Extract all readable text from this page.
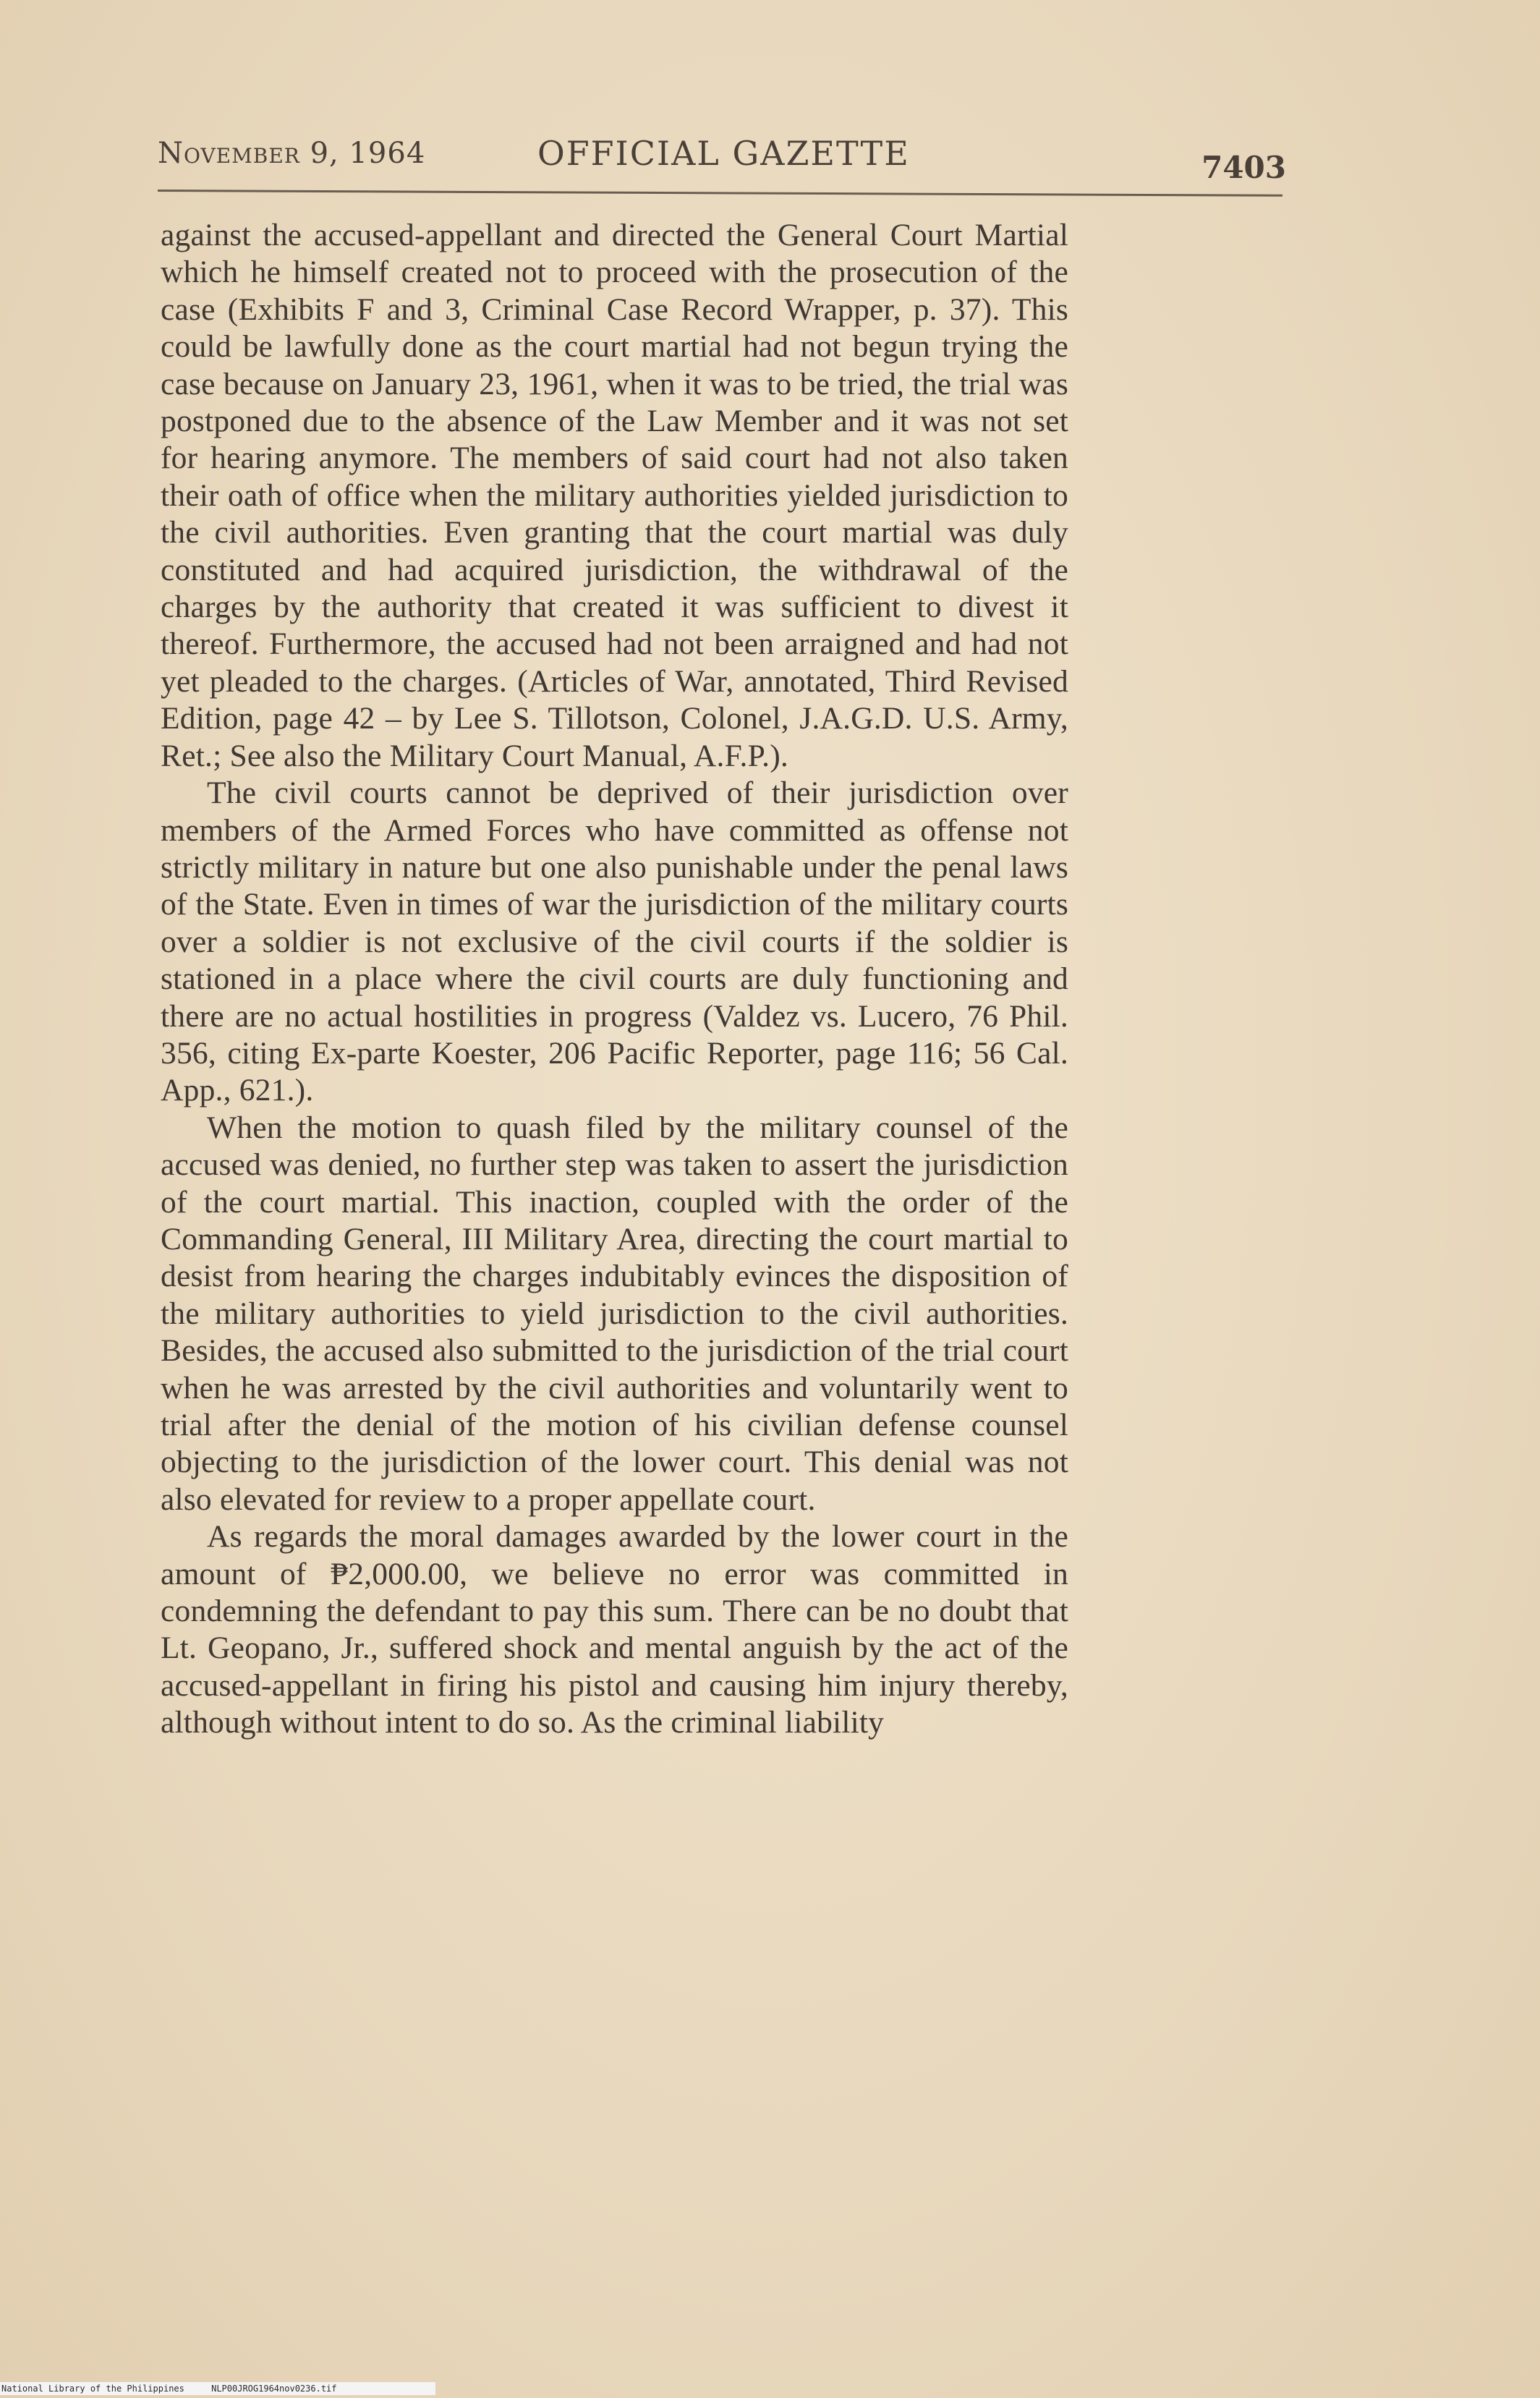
November 9, 1964	OFFICIAL GAZETTE	7403

against the accused-appellant and directed the General Court Martial which he himself created not to proceed with the prosecution of the case (Exhibits F and 3, Criminal Case Record Wrapper, p. 37). This could be lawfully done as the court martial had not begun trying the case because on January 23, 1961, when it was to be tried, the trial was postponed due to the absence of the Law Member and it was not set for hearing anymore. The members of said court had not also taken their oath of office when the military authorities yielded jurisdiction to the civil authorities. Even granting that the court martial was duly constituted and had acquired jurisdiction, the withdrawal of the charges by the authority that created it was sufficient to divest it thereof. Furthermore, the accused had not been arraigned and had not yet pleaded to the charges. (Articles of War, annotated, Third Revised Edition, page 42 – by Lee S. Tillotson, Colonel, J.A.G.D. U.S. Army, Ret.; See also the Military Court Manual, A.F.P.).

The civil courts cannot be deprived of their jurisdiction over members of the Armed Forces who have committed as offense not strictly military in nature but one also punishable under the penal laws of the State. Even in times of war the jurisdiction of the military courts over a soldier is not exclusive of the civil courts if the soldier is stationed in a place where the civil courts are duly functioning and there are no actual hostilities in progress (Valdez vs. Lucero, 76 Phil. 356, citing Ex-parte Koester, 206 Pacific Reporter, page 116; 56 Cal. App., 621.).

When the motion to quash filed by the military counsel of the accused was denied, no further step was taken to assert the jurisdiction of the court martial. This inaction, coupled with the order of the Commanding General, III Military Area, directing the court martial to desist from hearing the charges indubitably evinces the disposition of the military authorities to yield jurisdiction to the civil authorities. Besides, the accused also submitted to the jurisdiction of the trial court when he was arrested by the civil authorities and voluntarily went to trial after the denial of the motion of his civilian defense counsel objecting to the jurisdiction of the lower court. This denial was not also elevated for review to a proper appellate court.

As regards the moral damages awarded by the lower court in the amount of ₱2,000.00, we believe no error was committed in condemning the defendant to pay this sum. There can be no doubt that Lt. Geopano, Jr., suffered shock and mental anguish by the act of the accused-appellant in firing his pistol and causing him injury thereby, although without intent to do so. As the criminal liability

National Library of the Philippines	NLP00JROG1964nov0236.tif
